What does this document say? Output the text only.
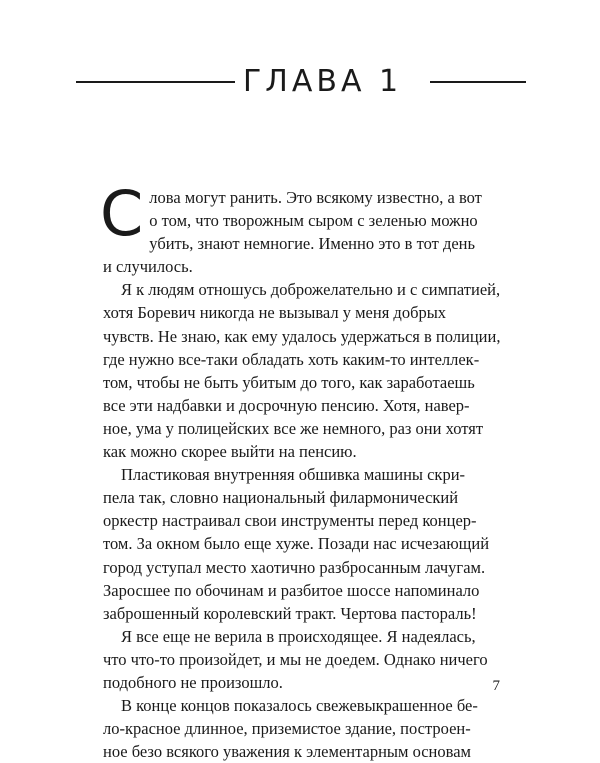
ГЛАВА 1
С лова могут ранить. Это всякому известно, а вот
о том, что творожным сыром с зеленью можно
убить, знают немногие. Именно это в тот день
и случилось.
Я к людям отношусь доброжелательно и с симпатией,
хотя Боревич никогда не вызывал у меня добрых
чувств. Не знаю, как ему удалось удержаться в полиции,
где нужно все-таки обладать хоть каким-то интеллек-
том, чтобы не быть убитым до того, как заработаешь
все эти надбавки и досрочную пенсию. Хотя, навер-
ное, ума у полицейских все же немного, раз они хотят
как можно скорее выйти на пенсию.
Пластиковая внутренняя обшивка машины скри-
пела так, словно национальный филармонический
оркестр настраивал свои инструменты перед концер-
том. За окном было еще хуже. Позади нас исчезающий
город уступал место хаотично разбросанным лачугам.
Заросшее по обочинам и разбитое шоссе напоминало
заброшенный королевский тракт. Чертова пастораль!
Я все еще не верила в происходящее. Я надеялась,
что что-то произойдет, и мы не доедем. Однако ничего
подобного не произошло.
В конце концов показалось свежевыкрашенное бе-
ло-красное длинное, приземистое здание, построен-
ное безо всякого уважения к элементарным основам
7
